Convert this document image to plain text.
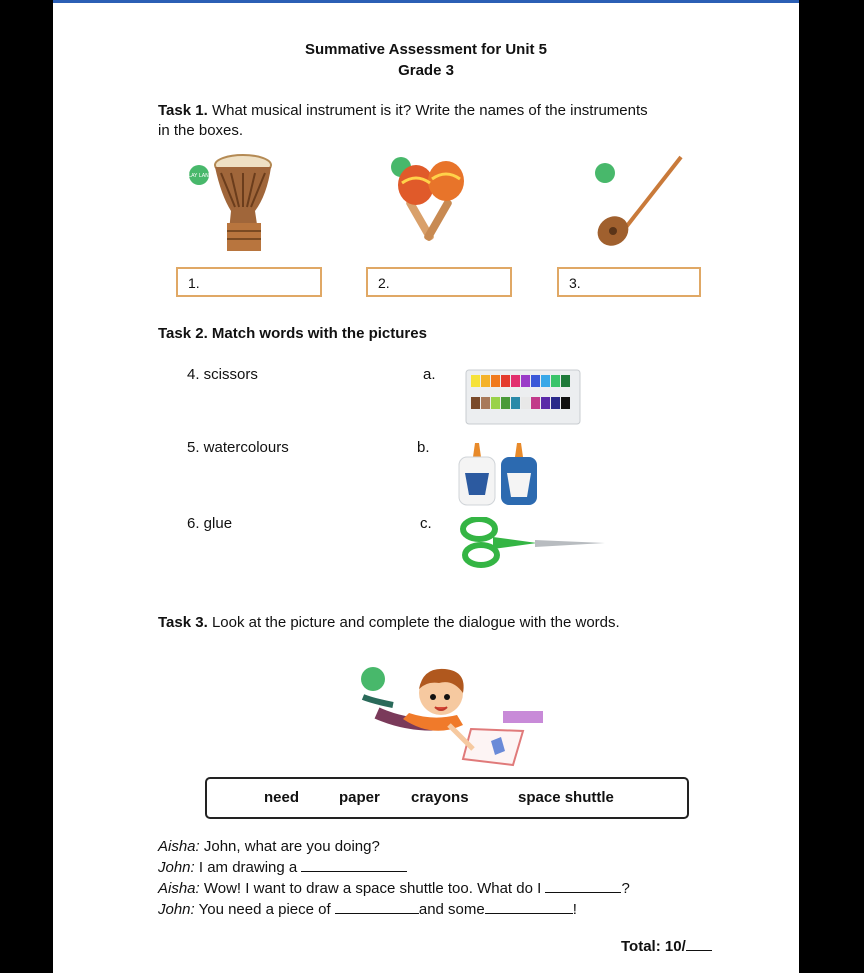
Summative Assessment for Unit 5
Grade 3
Task 1. What musical instrument is it? Write the names of the instruments
in the boxes.
PLAY LAND
1.	2.	3.
Task 2. Match words with the pictures
4. scissors
5. watercolours
6. glue
a.
b.
c.
Task 3. Look at the picture and complete the dialogue with the words.
need	paper crayons	space shuttle
Aisha: John, what are you doing?
John: I am drawing a
Aisha: Wow! I want to draw a space shuttle too. What do I	?
John: You need a piece of	and some	!
Total: 10/
